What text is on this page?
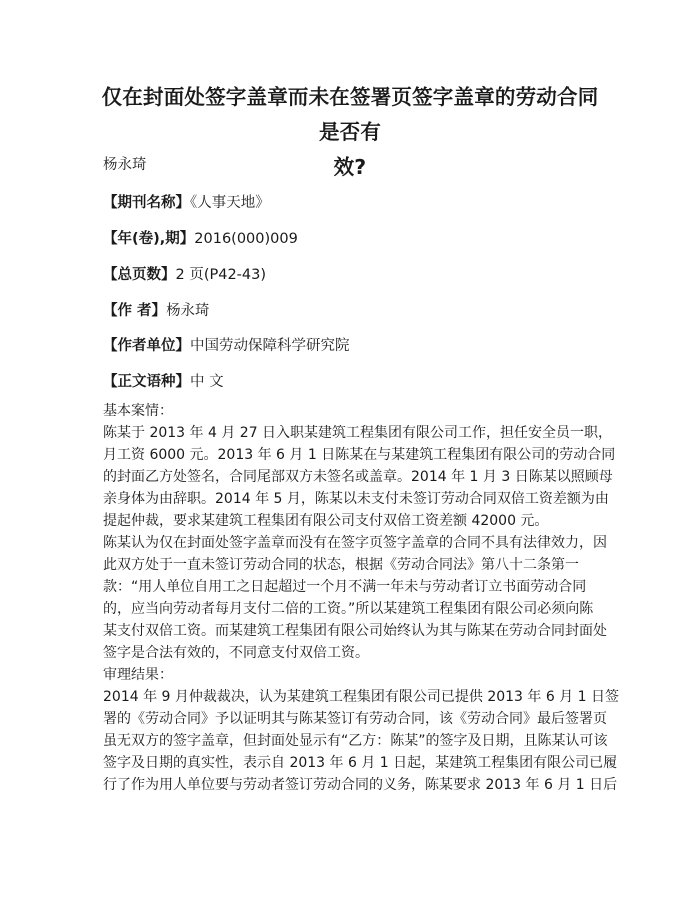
仅在封面处签字盖章而未在签署页签字盖章的劳动合同是否有
效?
杨永琦
【期刊名称】《人事天地》
【年(卷),期】2016(000)009
【总页数】2 页(P42-43)
【作 者】杨永琦
【作者单位】中国劳动保障科学研究院
【正文语种】中 文
基本案情：
陈某于 2013 年 4 月 27 日入职某建筑工程集团有限公司工作，担任安全员一职，
月工资 6000 元。2013 年 6 月 1 日陈某在与某建筑工程集团有限公司的劳动合同
的封面乙方处签名，合同尾部双方未签名或盖章。2014 年 1 月 3 日陈某以照顾母
亲身体为由辞职。2014 年 5 月，陈某以未支付未签订劳动合同双倍工资差额为由
提起仲裁，要求某建筑工程集团有限公司支付双倍工资差额 42000 元。
陈某认为仅在封面处签字盖章而没有在签字页签字盖章的合同不具有法律效力，因
此双方处于一直未签订劳动合同的状态，根据《劳动合同法》第八十二条第一
款：“用人单位自用工之日起超过一个月不满一年未与劳动者订立书面劳动合同
的，应当向劳动者每月支付二倍的工资。”所以某建筑工程集团有限公司必须向陈
某支付双倍工资。而某建筑工程集团有限公司始终认为其与陈某在劳动合同封面处
签字是合法有效的，不同意支付双倍工资。
审理结果：
2014 年 9 月仲裁裁决，认为某建筑工程集团有限公司已提供 2013 年 6 月 1 日签
署的《劳动合同》予以证明其与陈某签订有劳动合同，该《劳动合同》最后签署页
虽无双方的签字盖章，但封面处显示有“乙方：陈某”的签字及日期，且陈某认可该
签字及日期的真实性，表示自 2013 年 6 月 1 日起，某建筑工程集团有限公司已履
行了作为用人单位要与劳动者签订劳动合同的义务，陈某要求 2013 年 6 月 1 日后
